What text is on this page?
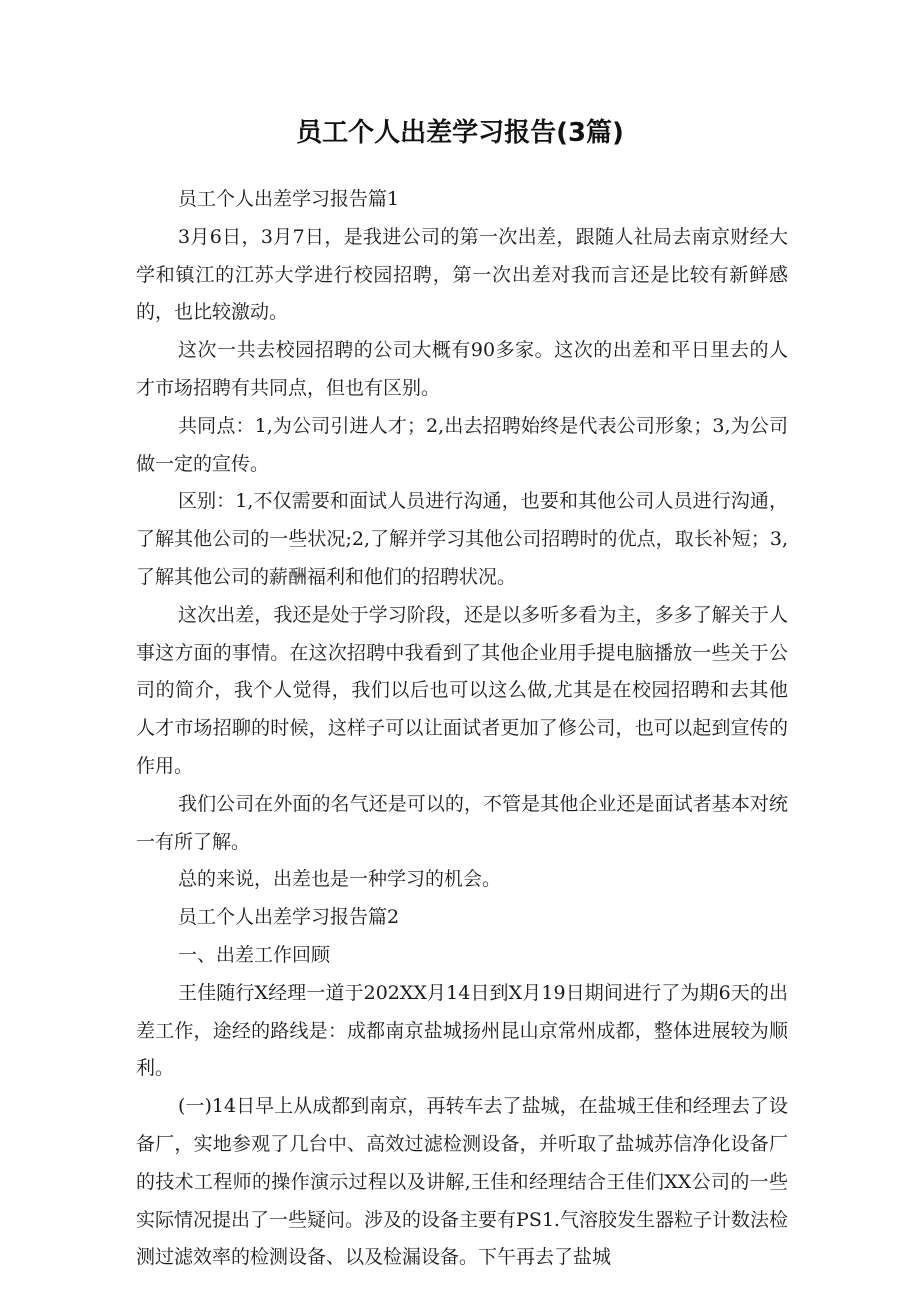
员工个人出差学习报告(3篇)

员工个人出差学习报告篇1

3月6日，3月7日，是我进公司的第一次出差，跟随人社局去南京财经大学和镇江的江苏大学进行校园招聘，第一次出差对我而言还是比较有新鲜感的，也比较激动。

这次一共去校园招聘的公司大概有90多家。这次的出差和平日里去的人才市场招聘有共同点，但也有区别。

共同点：1,为公司引进人才；2,出去招聘始终是代表公司形象；3,为公司做一定的宣传。

区别：1,不仅需要和面试人员进行沟通，也要和其他公司人员进行沟通，了解其他公司的一些状况;2,了解并学习其他公司招聘时的优点，取长补短；3,了解其他公司的薪酬福利和他们的招聘状况。

这次出差，我还是处于学习阶段，还是以多听多看为主，多多了解关于人事这方面的事情。在这次招聘中我看到了其他企业用手提电脑播放一些关于公司的简介，我个人觉得，我们以后也可以这么做,尤其是在校园招聘和去其他人才市场招聊的时候，这样子可以让面试者更加了修公司，也可以起到宣传的作用。

我们公司在外面的名气还是可以的，不管是其他企业还是面试者基本对统一有所了解。

总的来说，出差也是一种学习的机会。

员工个人出差学习报告篇2

一、出差工作回顾

王佳随行X经理一道于202XX月14日到X月19日期间进行了为期6天的出差工作，途经的路线是：成都南京盐城扬州昆山京常州成都，整体进展较为顺利。

(一)14日早上从成都到南京，再转车去了盐城，在盐城王佳和经理去了设备厂，实地参观了几台中、高效过滤检测设备，并听取了盐城苏信净化设备厂的技术工程师的操作演示过程以及讲解,王佳和经理结合王佳们XX公司的一些实际情况提出了一些疑问。涉及的设备主要有PS1.气溶胶发生器粒子计数法检测过滤效率的检测设备、以及检漏设备。下午再去了盐城
